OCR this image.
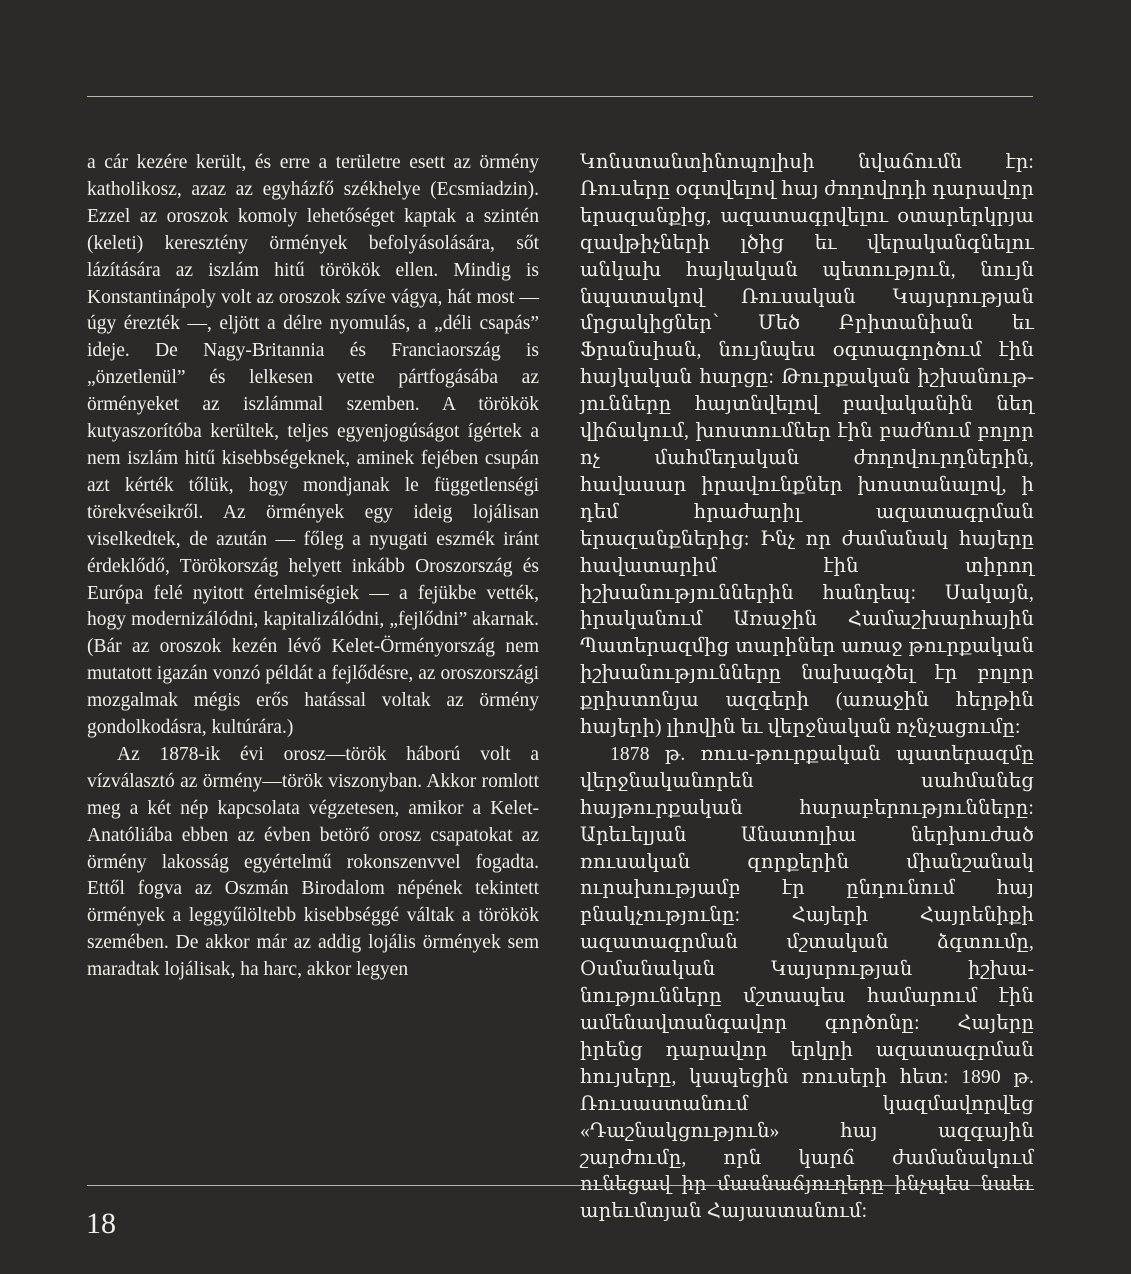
a cár kezére került, és erre a területre esett az örmény katholikosz, azaz az egyházfő székhelye (Ecsmiadzin). Ezzel az oroszok komoly lehetőséget kaptak a szintén (keleti) keresztény örmények befolyásolására, sőt lázítására az iszlám hitű törökök ellen. Mindig is Konstantinápoly volt az oroszok szíve vágya, hát most — úgy érezték —, eljött a délre nyomulás, a „déli csapás” ideje. De Nagy-Britannia és Franciaország is „önzetlenül” és lelkesen vette pártfogásába az örményeket az iszlámmal szemben. A törökök kutyaszorítóba kerültek, teljes egyenjogúságot ígértek a nem iszlám hitű kisebbségeknek, aminek fejében csupán azt kérték tőlük, hogy mondjanak le függetlenségi törekvéseikről. Az örmények egy ideig lojálisan viselkedtek, de azután — főleg a nyugati eszmék iránt érdeklődő, Törökország helyett inkább Oroszország és Európa felé nyitott értelmiségiek — a fejükbe vették, hogy modernizálódni, kapitalizálódni, „fejlődni” akarnak. (Bár az oroszok kezén lévő Kelet-Örményország nem mutatott igazán vonzó példát a fejlődésre, az oroszországi mozgalmak mégis erős hatással voltak az örmény gondolkodásra, kultúrára.)

Az 1878-ik évi orosz—török háború volt a vízválasztó az örmény—török viszonyban. Akkor romlott meg a két nép kapcsolata végzetesen, amikor a Kelet-Anatóliába ebben az évben betörő orosz csapatokat az örmény lakosság egyértelmű rokonszenvvel fogadta. Ettől fogva az Oszmán Birodalom népének tekintett örmények a leggyűlöltebb kisebbséggé váltak a törökök szemében. De akkor már az addig lojális örmények sem maradtak lojálisak, ha harc, akkor legyen

Կոնստանտինոպոլիսի նվաճումն էր: Ռուսերը օգտվելով հայ ժողովրդի դարավոր երազանքից, ազատագրվելու օտարերկրյա զավթիչների լծից եւ վերականգնելու անկախ հայկական պետություն, նույն նպատակով Ռուսական Կայսրության մրցակիցներ՝ Մեծ Բրիտանիան եւ Ֆրանսիան, նույնպես օգտագործում էին հայկական հարցը: Թուրքական իշխանությունները հայտնվելով բավականին նեղ վիճակում, խոստումներ էին բաժնում բոլոր ոչ մահմեդական ժողովուրդներին, հավասար իրավունքներ խոստանալով, ի դեմ հրաժարիլ ազատագրման երազանքներից: Ինչ որ ժամանակ հայերը հավատարիմ էին տիրող իշխանություններին հանդեպ: Սակայն, իրականում Առաջին Համաշխարհային Պատերազմից տարիներ առաջ թուրքական իշխանությունները նախագծել էր բոլոր քրիստոնյա ազգերի (առաջին հերթին հայերի) լիովին եւ վերջնական ոչնչացումը:

1878 թ. ռուս-թուրքական պատերազմը վերջնականորեն սահմանեց հայթուրքական հարաբերությունները: Արեւելյան Անատոլիա ներխուժած ռուսական զորքերին միանշանակ ուրախությամբ էր ընդունում հայ բնակչությունը: Հայերի Հայրենիքի ազատագրման մշտական ձգտումը, Օսմանական Կայսրության իշխանությունները մշտապես համարում էին ամենավտանգավոր գործոնը: Հայերը իրենց դարավոր երկրի ազատագրման հույսերը, կապեցին ռուսերի հետ: 1890 թ. Ռուսաստանում կազմավորվեց «Դաշնակցություն» հայ ազգային շարժումը, որն կարճ ժամանակում ունեցավ իր մասնաճյուղերը ինչպես նաեւ արեւմտյան Հայաստանում:

18
